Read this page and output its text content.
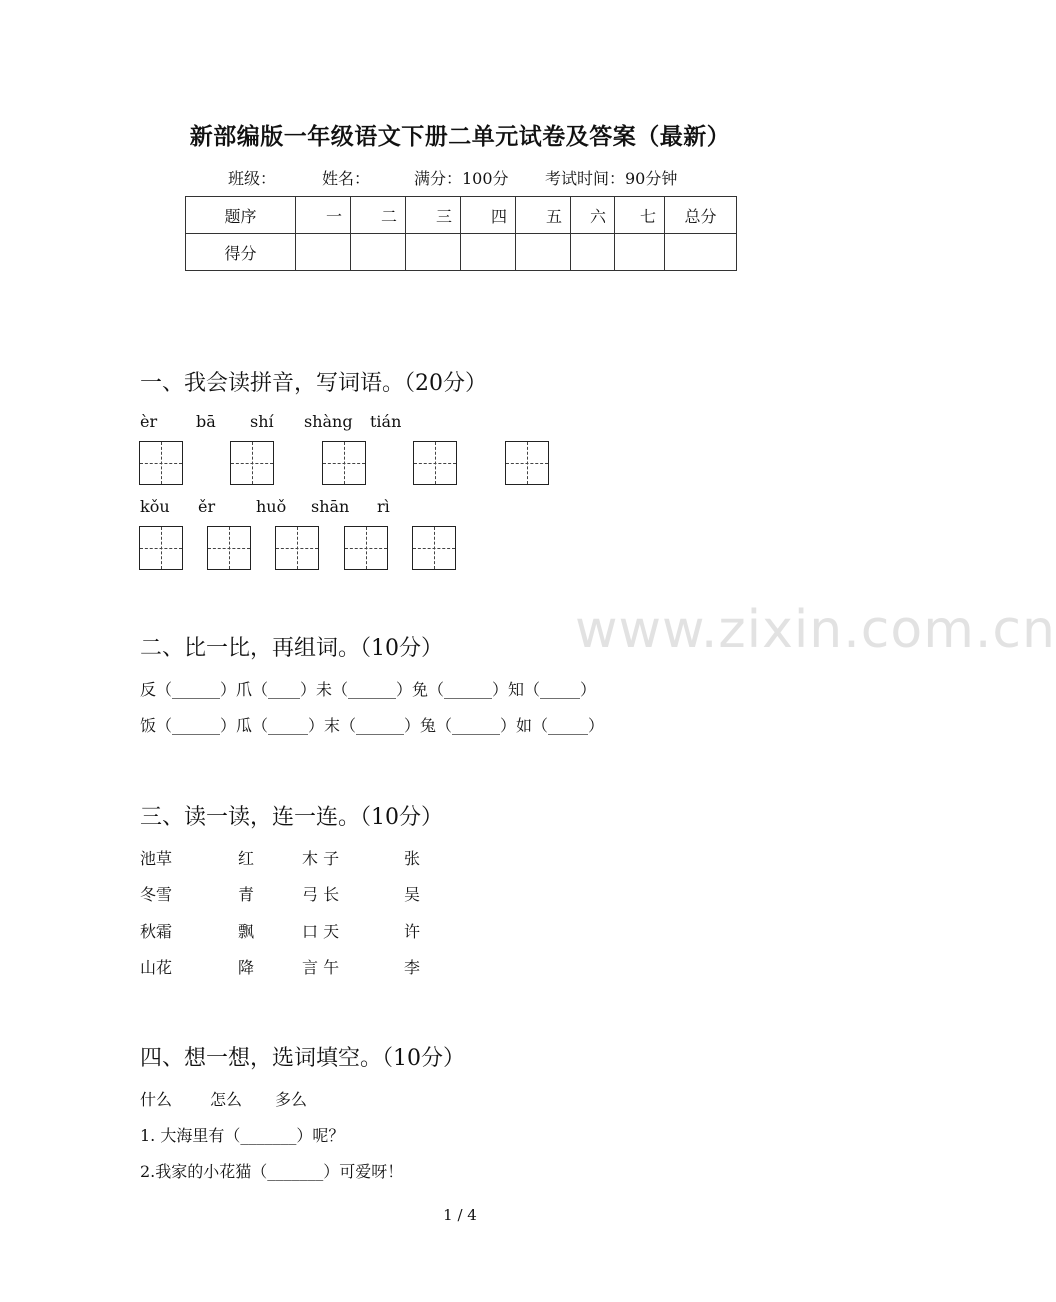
新部编版一年级语文下册二单元试卷及答案（最新）
班级：	姓名：	满分：100分 考试时间：90分钟
题序	一	二	三	四	五	六	七	总分
得分								
一、我会读拼音，写词语。（20分）
èr bā shí shàng tián
kǒu ěr	huǒ shān rì
www.zixin.com.cn
二、比一比，再组词。（10分）
反（______）爪（____）未（______）免（______）知（_____）
饭（______）瓜（_____）末（______）兔（______）如（_____）
三、读一读，连一连。（10分）
池草	红	木 子	张
冬雪	青	弓 长	吴
秋霜	飘	口 天	许
山花	降	言 午	李
四、想一想，选词填空。（10分）
什么 怎么 多么
1. 大海里有（_______）呢？
2.我家的小花猫（_______）可爱呀！
1 / 4
